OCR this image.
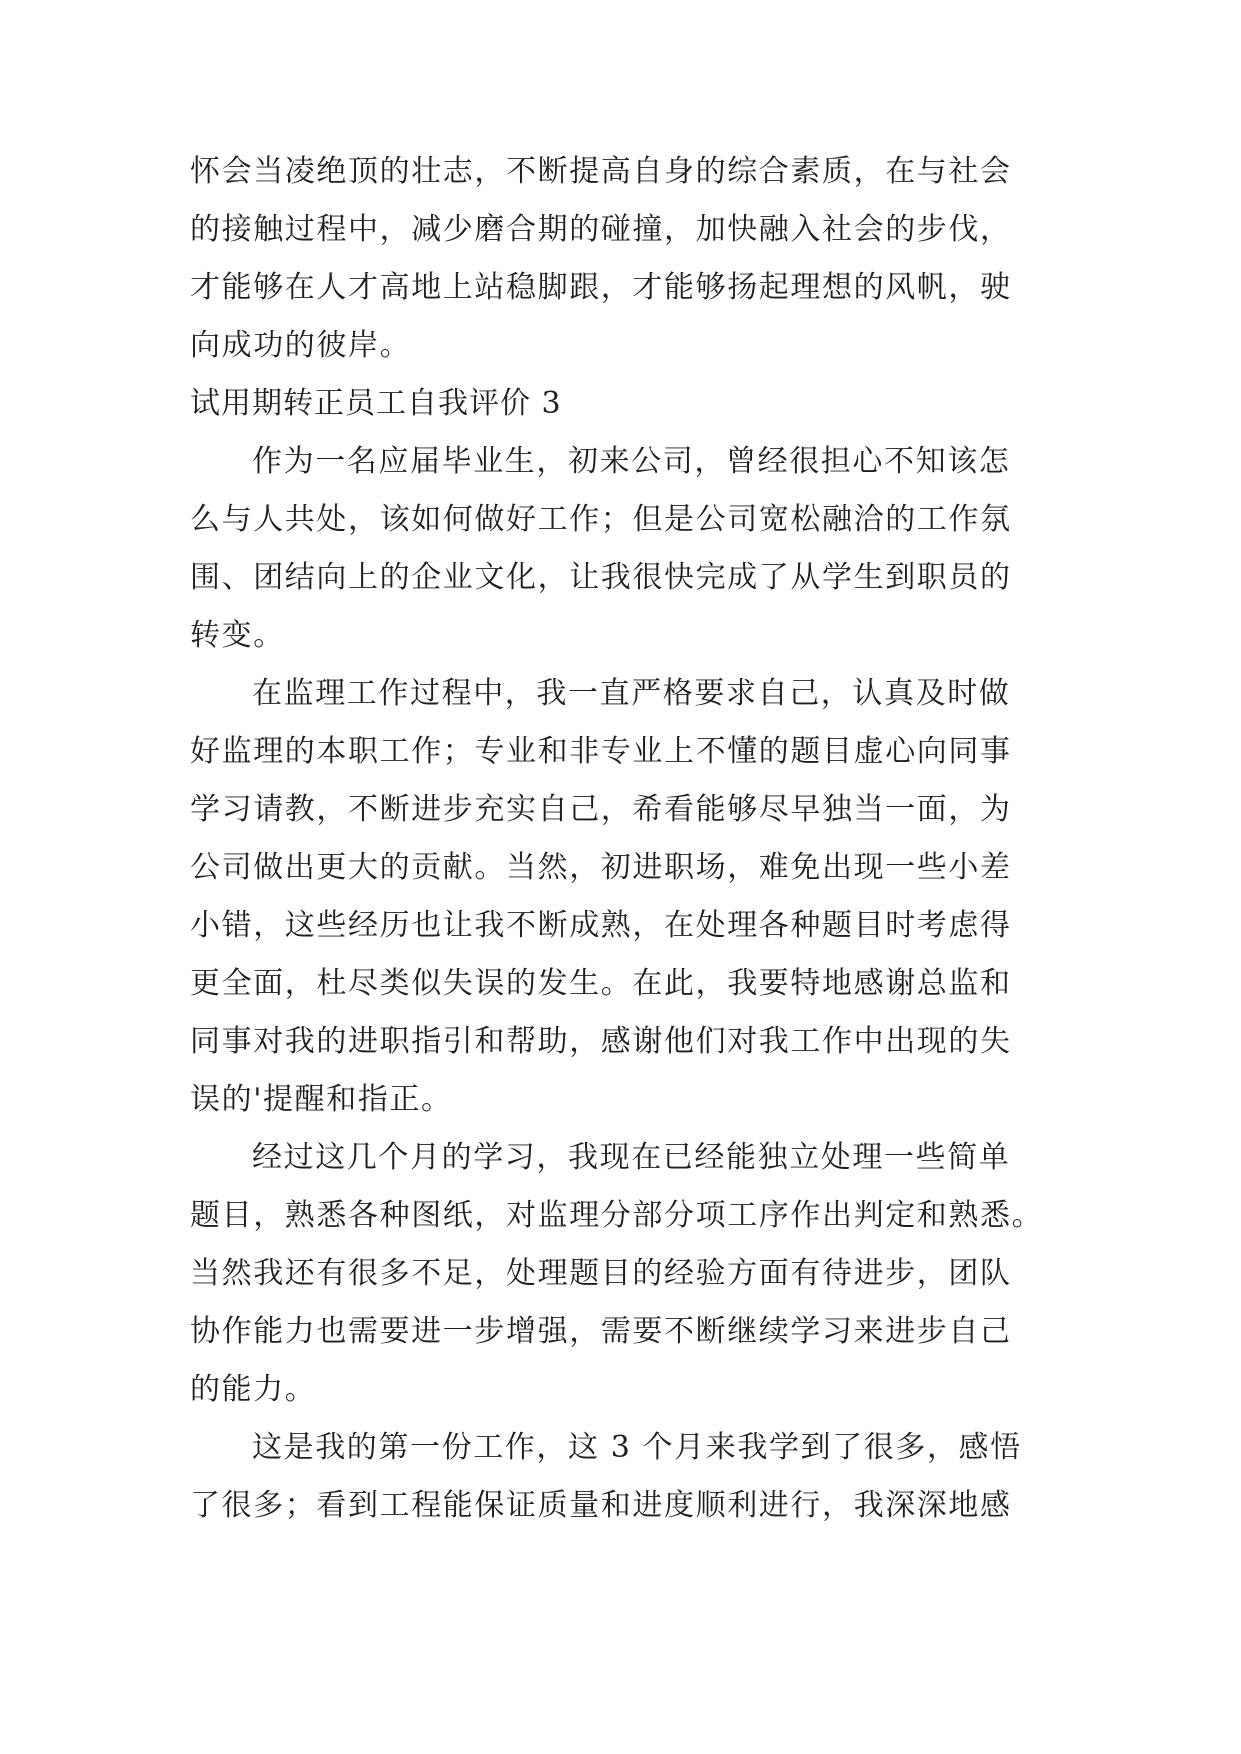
怀会当凌绝顶的壮志，不断提高自身的综合素质，在与社会
的接触过程中，减少磨合期的碰撞，加快融入社会的步伐，
才能够在人才高地上站稳脚跟，才能够扬起理想的风帆，驶
向成功的彼岸。
试用期转正员工自我评价 3
作为一名应届毕业生，初来公司，曾经很担心不知该怎
么与人共处，该如何做好工作；但是公司宽松融洽的工作氛
围、团结向上的企业文化，让我很快完成了从学生到职员的
转变。
在监理工作过程中，我一直严格要求自己，认真及时做
好监理的本职工作；专业和非专业上不懂的题目虚心向同事
学习请教，不断进步充实自己，希看能够尽早独当一面，为
公司做出更大的贡献。当然，初进职场，难免出现一些小差
小错，这些经历也让我不断成熟，在处理各种题目时考虑得
更全面，杜尽类似失误的发生。在此，我要特地感谢总监和
同事对我的进职指引和帮助，感谢他们对我工作中出现的失
误的'提醒和指正。
经过这几个月的学习，我现在已经能独立处理一些简单
题目，熟悉各种图纸，对监理分部分项工序作出判定和熟悉。
当然我还有很多不足，处理题目的经验方面有待进步，团队
协作能力也需要进一步增强，需要不断继续学习来进步自己
的能力。
这是我的第一份工作，这 3 个月来我学到了很多，感悟
了很多；看到工程能保证质量和进度顺利进行，我深深地感
